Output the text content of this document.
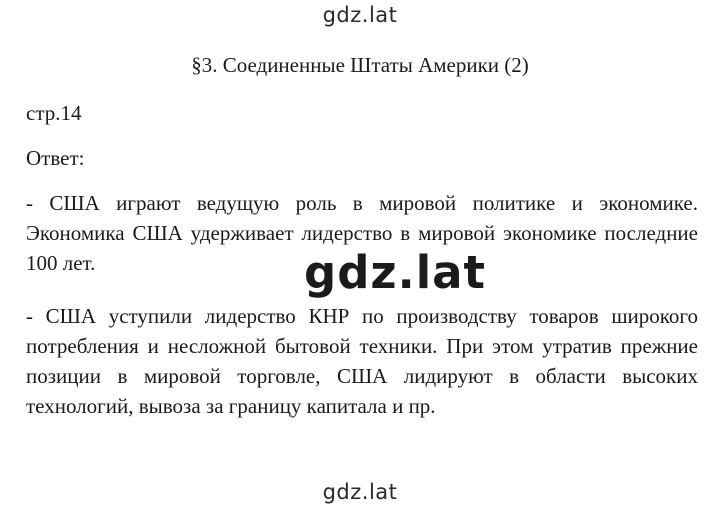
gdz.lat
§3. Соединенные Штаты Америки (2)
стр.14
Ответ:

- США играют ведущую роль в мировой политике и экономике. Экономика США удерживает лидерство в мировой экономике последние 100 лет.

- США уступили лидерство КНР по производству товаров широкого потребления и несложной бытовой техники. При этом утратив прежние позиции в мировой торговле, США лидируют в области высоких технологий, вывоза за границу капитала и пр.

gdz.lat
gdz.lat
